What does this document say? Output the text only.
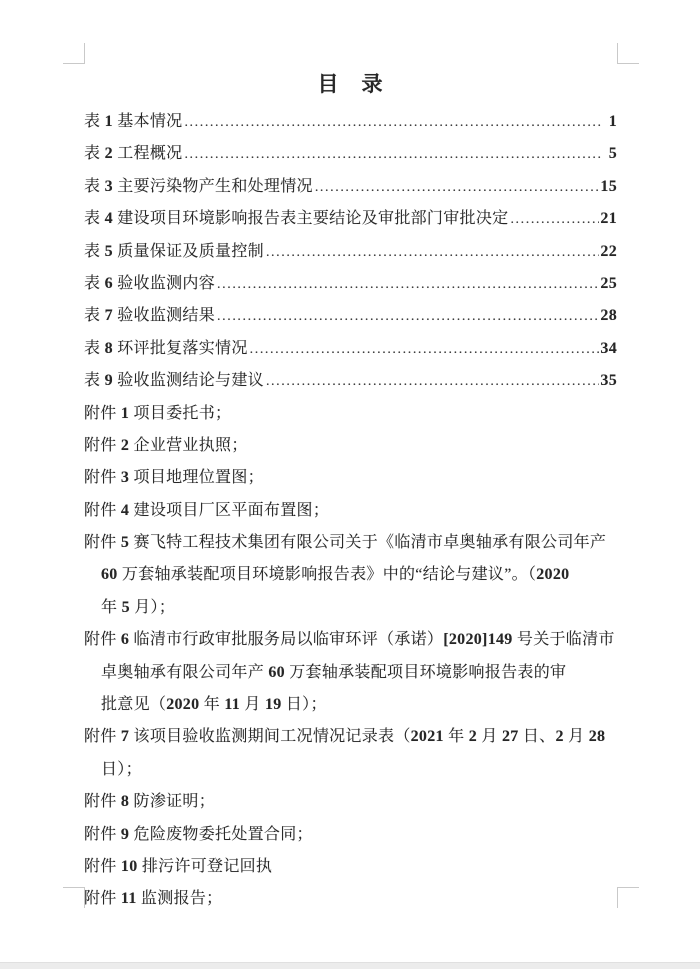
目　录
表 1 基本情况 .....	1
表 2 工程概况 .....	5
表 3 主要污染物产生和处理情况 .....	15
表 4 建设项目环境影响报告表主要结论及审批部门审批决定 .....	21
表 5 质量保证及质量控制 .....	22
表 6 验收监测内容 .....	25
表 7 验收监测结果 .....	28
表 8 环评批复落实情况 .....	34
表 9 验收监测结论与建议 .....	35
附件 1 项目委托书；
附件 2 企业营业执照；
附件 3 项目地理位置图；
附件 4 建设项目厂区平面布置图；
附件 5 赛飞特工程技术集团有限公司关于《临清市卓奥轴承有限公司年产
60 万套轴承装配项目环境影响报告表》中的“结论与建议”。（2020
年 5 月）；
附件 6 临清市行政审批服务局以临审环评（承诺）[2020]149 号关于临清市
卓奥轴承有限公司年产 60 万套轴承装配项目环境影响报告表的审
批意见（2020 年 11 月 19 日）；
附件 7 该项目验收监测期间工况情况记录表（2021 年 2 月 27 日、2 月 28
日）；
附件 8 防渗证明；
附件 9 危险废物委托处置合同；
附件 10 排污许可登记回执
附件 11 监测报告；
